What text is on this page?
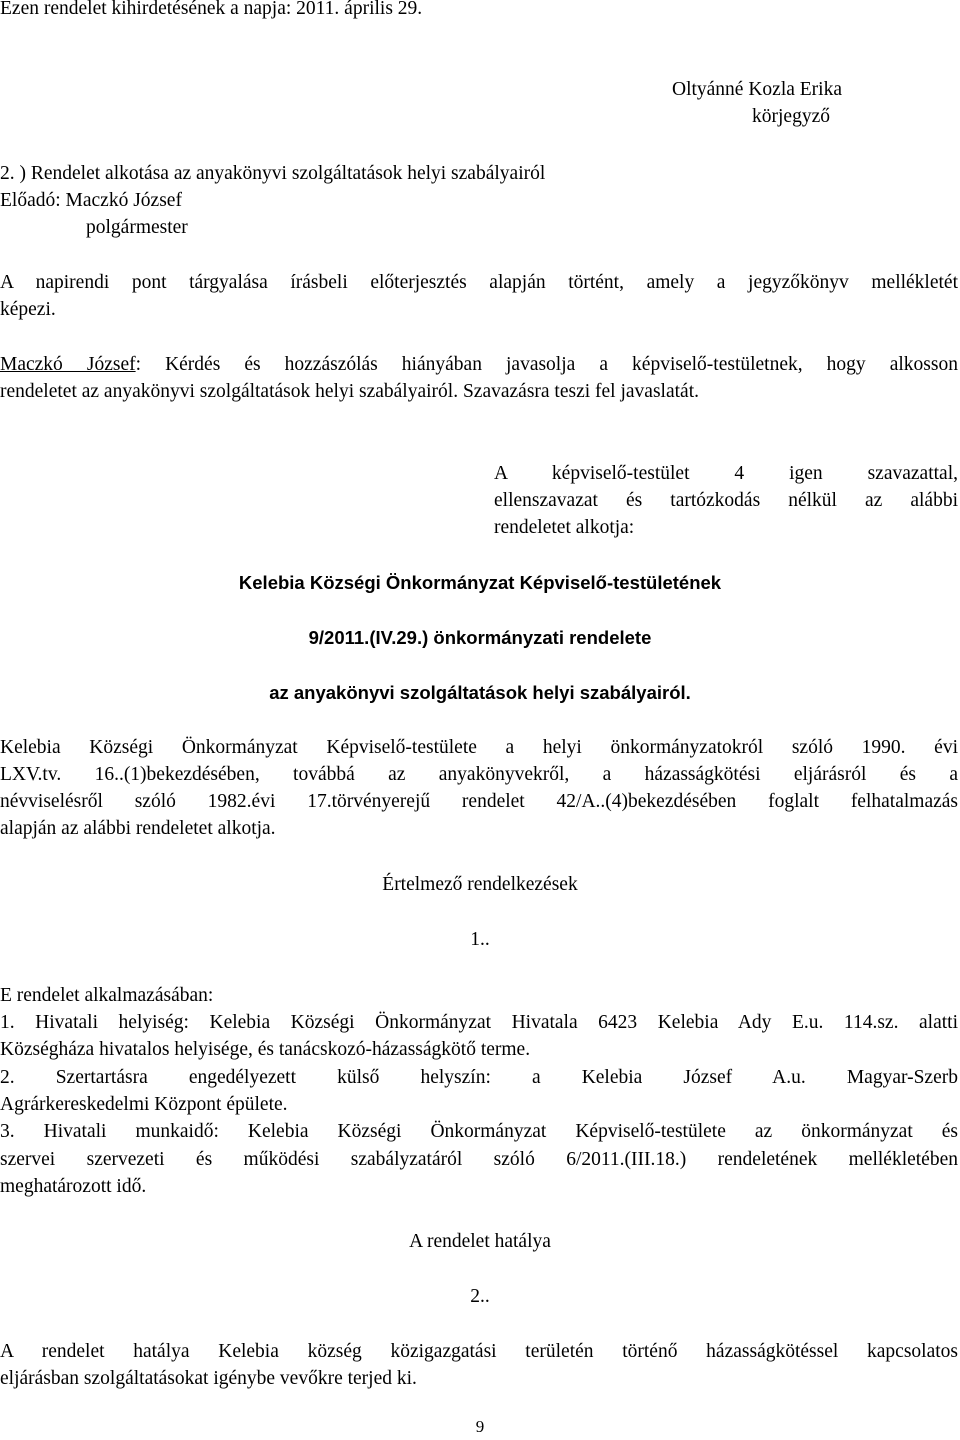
Ezen rendelet kihirdetésének a napja: 2011. április 29.
Oltyánné Kozla Erika
körjegyző
2. ) Rendelet alkotása az anyakönyvi szolgáltatások helyi szabályairól
Előadó: Maczkó József
polgármester
A napirendi pont tárgyalása írásbeli előterjesztés alapján történt, amely a jegyzőkönyv mellékletét
képezi.
Maczkó József: Kérdés és hozzászólás hiányában javasolja a képviselő-testületnek, hogy alkosson
rendeletet az anyakönyvi szolgáltatások helyi szabályairól. Szavazásra teszi fel javaslatát.
A képviselő-testület 4 igen szavazattal,
ellenszavazat és tartózkodás nélkül az alábbi
rendeletet alkotja:
Kelebia Községi Önkormányzat Képviselő-testületének
9/2011.(IV.29.) önkormányzati rendelete
az anyakönyvi szolgáltatások helyi szabályairól.
Kelebia Községi Önkormányzat Képviselő-testülete a helyi önkormányzatokról szóló 1990. évi
LXV.tv. 16..(1)bekezdésében, továbbá az anyakönyvekről, a házasságkötési eljárásról és a
névviselésről szóló 1982.évi 17.törvényerejű rendelet 42/A..(4)bekezdésében foglalt felhatalmazás
alapján az alábbi rendeletet alkotja.
Értelmező rendelkezések
1..
E rendelet alkalmazásában:
1. Hivatali helyiség: Kelebia Községi Önkormányzat Hivatala 6423 Kelebia Ady E.u. 114.sz. alatti
Községháza hivatalos helyisége, és tanácskozó-házasságkötő terme.
2. Szertartásra engedélyezett külső helyszín: a Kelebia József A.u. Magyar-Szerb
Agrárkereskedelmi Központ épülete.
3. Hivatali munkaidő: Kelebia Községi Önkormányzat Képviselő-testülete az önkormányzat és
szervei szervezeti és működési szabályzatáról szóló 6/2011.(III.18.) rendeletének mellékletében
meghatározott idő.
A rendelet hatálya
2..
A rendelet hatálya Kelebia község közigazgatási területén történő házasságkötéssel kapcsolatos
eljárásban szolgáltatásokat igénybe vevőkre terjed ki.
9
